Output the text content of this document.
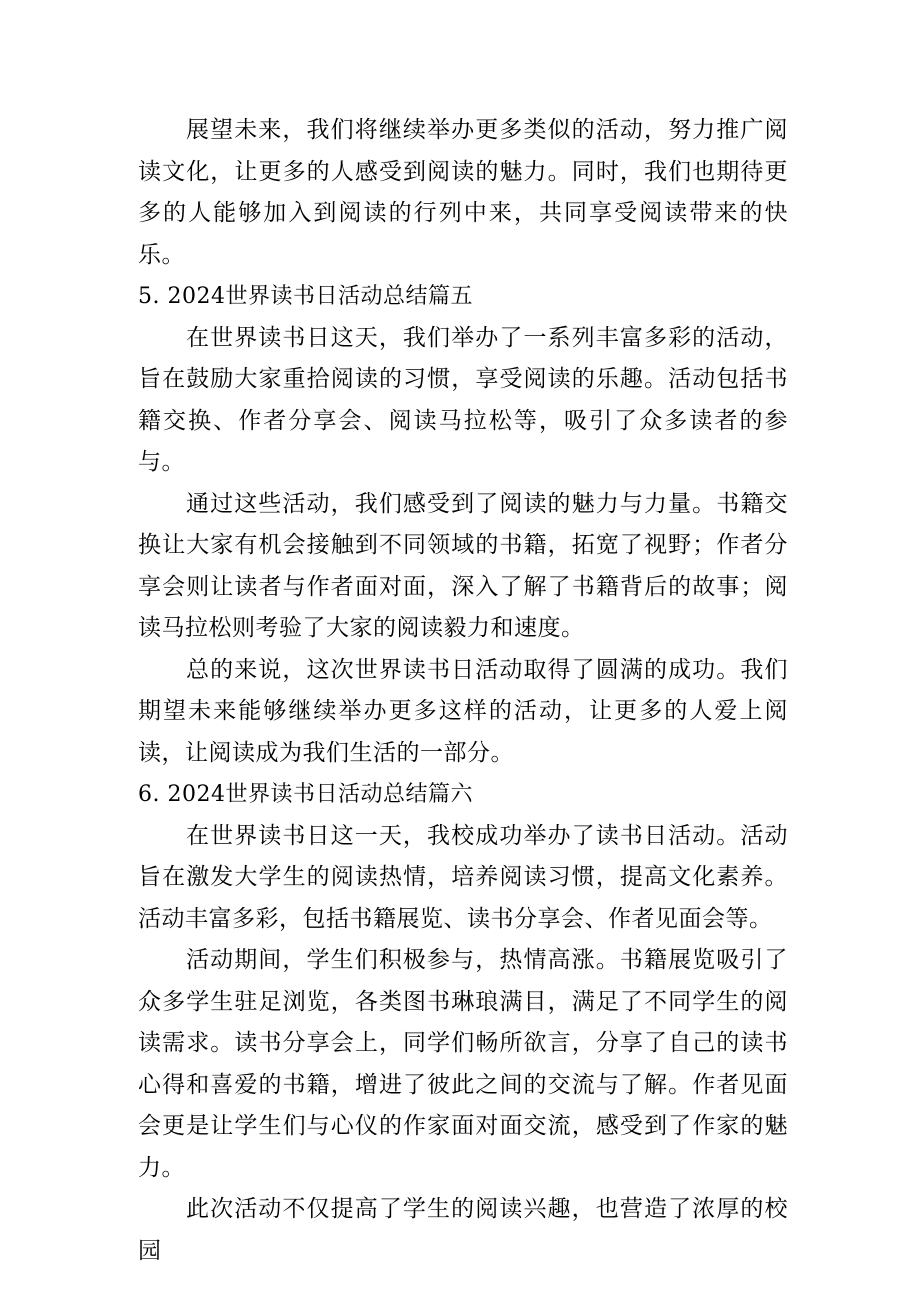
展望未来，我们将继续举办更多类似的活动，努力推广阅读文化，让更多的人感受到阅读的魅力。同时，我们也期待更多的人能够加入到阅读的行列中来，共同享受阅读带来的快乐。

5. 2024世界读书日活动总结篇五

在世界读书日这天，我们举办了一系列丰富多彩的活动，旨在鼓励大家重拾阅读的习惯，享受阅读的乐趣。活动包括书籍交换、作者分享会、阅读马拉松等，吸引了众多读者的参与。

通过这些活动，我们感受到了阅读的魅力与力量。书籍交换让大家有机会接触到不同领域的书籍，拓宽了视野；作者分享会则让读者与作者面对面，深入了解了书籍背后的故事；阅读马拉松则考验了大家的阅读毅力和速度。

总的来说，这次世界读书日活动取得了圆满的成功。我们期望未来能够继续举办更多这样的活动，让更多的人爱上阅读，让阅读成为我们生活的一部分。

6. 2024世界读书日活动总结篇六

在世界读书日这一天，我校成功举办了读书日活动。活动旨在激发大学生的阅读热情，培养阅读习惯，提高文化素养。活动丰富多彩，包括书籍展览、读书分享会、作者见面会等。

活动期间，学生们积极参与，热情高涨。书籍展览吸引了众多学生驻足浏览，各类图书琳琅满目，满足了不同学生的阅读需求。读书分享会上，同学们畅所欲言，分享了自己的读书心得和喜爱的书籍，增进了彼此之间的交流与了解。作者见面会更是让学生们与心仪的作家面对面交流，感受到了作家的魅力。

此次活动不仅提高了学生的阅读兴趣，也营造了浓厚的校园
